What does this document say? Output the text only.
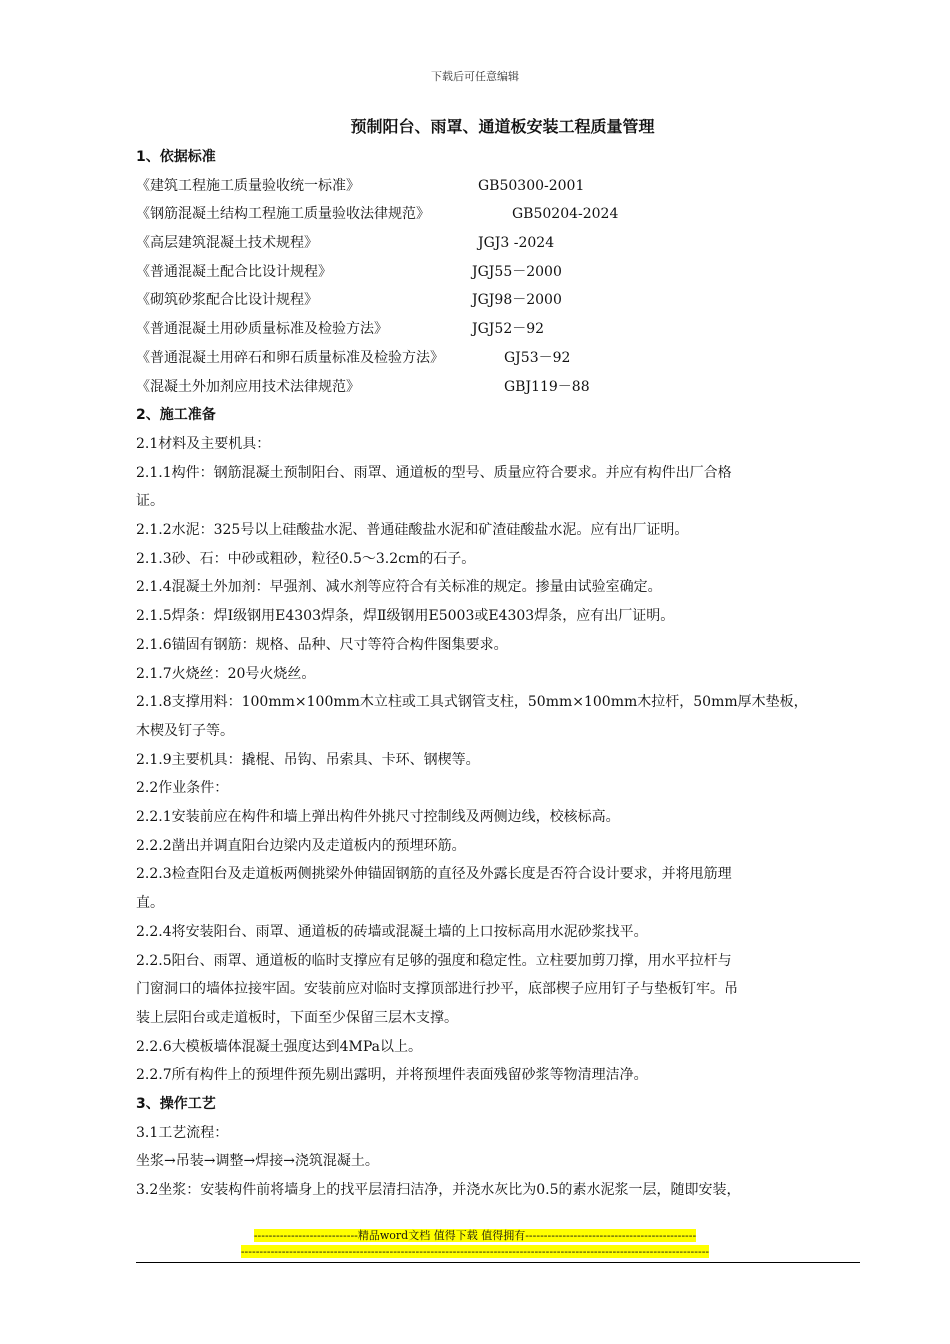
下载后可任意编辑
预制阳台、雨罩、通道板安装工程质量管理
1、依据标准
《建筑工程施工质量验收统一标准》	GB50300-2001
《钢筋混凝土结构工程施工质量验收法律规范》	GB50204-2024
《高层建筑混凝土技术规程》	JGJ3 -2024
《普通混凝土配合比设计规程》	JGJ55－2000
《砌筑砂浆配合比设计规程》	JGJ98－2000
《普通混凝土用砂质量标准及检验方法》	JGJ52－92
《普通混凝土用碎石和卵石质量标准及检验方法》	GJ53－92
《混凝土外加剂应用技术法律规范》	GBJ119－88
2、施工准备
2.1材料及主要机具：
2.1.1构件：钢筋混凝土预制阳台、雨罩、通道板的型号、质量应符合要求。并应有构件出厂合格
证。
2.1.2水泥：325号以上硅酸盐水泥、普通硅酸盐水泥和矿渣硅酸盐水泥。应有出厂证明。
2.1.3砂、石：中砂或粗砂，粒径0.5～3.2cm的石子。
2.1.4混凝土外加剂：早强剂、减水剂等应符合有关标准的规定。掺量由试验室确定。
2.1.5焊条：焊Ⅰ级钢用E4303焊条，焊Ⅱ级钢用E5003或E4303焊条，应有出厂证明。
2.1.6锚固有钢筋：规格、品种、尺寸等符合构件图集要求。
2.1.7火烧丝：20号火烧丝。
2.1.8支撑用料：100mm×100mm木立柱或工具式钢管支柱，50mm×100mm木拉杆，50mm厚木垫板，
木楔及钉子等。
2.1.9主要机具：撬棍、吊钩、吊索具、卡环、钢楔等。
2.2作业条件：
2.2.1安装前应在构件和墙上弹出构件外挑尺寸控制线及两侧边线，校核标高。
2.2.2凿出并调直阳台边梁内及走道板内的预埋环筋。
2.2.3检查阳台及走道板两侧挑梁外伸锚固钢筋的直径及外露长度是否符合设计要求，并将甩筋理
直。
2.2.4将安装阳台、雨罩、通道板的砖墙或混凝土墙的上口按标高用水泥砂浆找平。
2.2.5阳台、雨罩、通道板的临时支撑应有足够的强度和稳定性。立柱要加剪刀撑，用水平拉杆与
门窗洞口的墙体拉接牢固。安装前应对临时支撑顶部进行抄平，底部楔子应用钉子与垫板钉牢。吊
装上层阳台或走道板时，下面至少保留三层木支撑。
2.2.6大模板墙体混凝土强度达到4MPa以上。
2.2.7所有构件上的预埋件预先剔出露明，并将预埋件表面残留砂浆等物清理洁净。
3、操作工艺
3.1工艺流程：
坐浆→吊装→调整→焊接→浇筑混凝土。
3.2坐浆：安装构件前将墙身上的找平层清扫洁净，并浇水灰比为0.5的素水泥浆一层，随即安装，
----------------------------精品word文档 值得下载 值得拥有----------------------------------------------
------------------------------------------------------------------------------------------------------------------------------
